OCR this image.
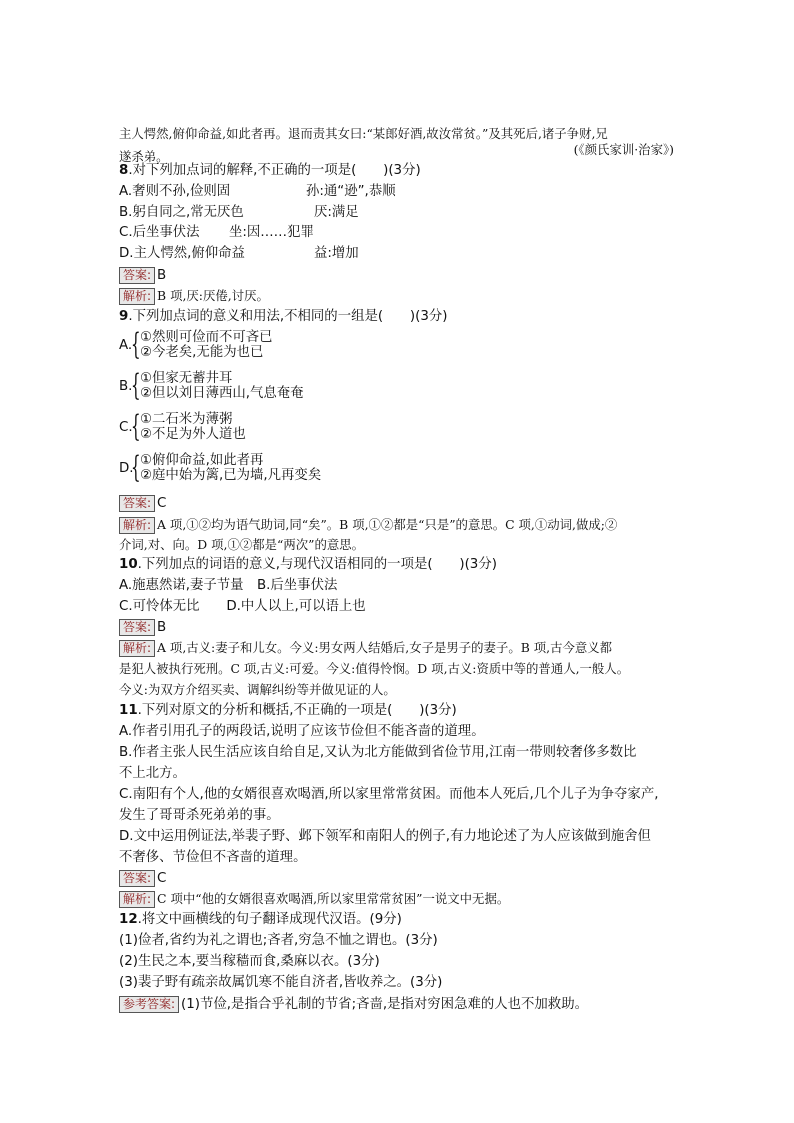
主人愕然,俯仰命益,如此者再。退而责其女曰:“某郎好酒,故汝常贫。”及其死后,诸子争财,兄
遂杀弟。	(《颜氏家训·治家》)
8.对下列加点词的解释,不正确的一项是(　　)(3分)
A.奢则不孙,俭则固	孙:通“逊”,恭顺
B.躬自同之,常无厌色	厌:满足
C.后坐事伏法 坐:因……犯罪
D.主人愕然,俯仰命益	益:增加
答案: B
解析: B 项,厌:厌倦,讨厌。
9.下列加点词的意义和用法,不相同的一组是(　　)(3分)
A.
{ ①然则可俭而不可吝已
②今老矣,无能为也已
B.
{ ①但家无蓄井耳
②但以刘日薄西山,气息奄奄
C.
{ ①二石米为薄粥
②不足为外人道也
D.
{ ①俯仰命益,如此者再
②庭中始为篱,已为墙,凡再变矣
答案: C
解析: A 项,①②均为语气助词,同“矣”。B 项,①②都是“只是”的意思。C 项,①动词,做成;②
介词,对、向。D 项,①②都是“两次”的意思。
10.下列加点的词语的意义,与现代汉语相同的一项是(　　)(3分)
A.施惠然诺,妻子节量　B.后坐事伏法
C.可怜体无比　　D.中人以上,可以语上也
答案: B
解析: A 项,古义:妻子和儿女。今义:男女两人结婚后,女子是男子的妻子。B 项,古今意义都
是犯人被执行死刑。C 项,古义:可爱。今义:值得怜悯。D 项,古义:资质中等的普通人,一般人。
今义:为双方介绍买卖、调解纠纷等并做见证的人。
11.下列对原文的分析和概括,不正确的一项是(　　)(3分)
A.作者引用孔子的两段话,说明了应该节俭但不能吝啬的道理。
B.作者主张人民生活应该自给自足,又认为北方能做到省俭节用,江南一带则较奢侈多数比
不上北方。
C.南阳有个人,他的女婿很喜欢喝酒,所以家里常常贫困。而他本人死后,几个儿子为争夺家产,
发生了哥哥杀死弟弟的事。
D.文中运用例证法,举裴子野、邺下领军和南阳人的例子,有力地论述了为人应该做到施舍但
不奢侈、节俭但不吝啬的道理。
答案: C
解析: C 项中“他的女婿很喜欢喝酒,所以家里常常贫困”一说文中无据。
12.将文中画横线的句子翻译成现代汉语。(9分)
(1)俭者,省约为礼之谓也;吝者,穷急不恤之谓也。(3分)
(2)生民之本,要当稼穑而食,桑麻以衣。(3分)
(3)裴子野有疏亲故属饥寒不能自济者,皆收养之。(3分)
参考答案: (1)节俭,是指合乎礼制的节省;吝啬,是指对穷困急难的人也不加救助。
